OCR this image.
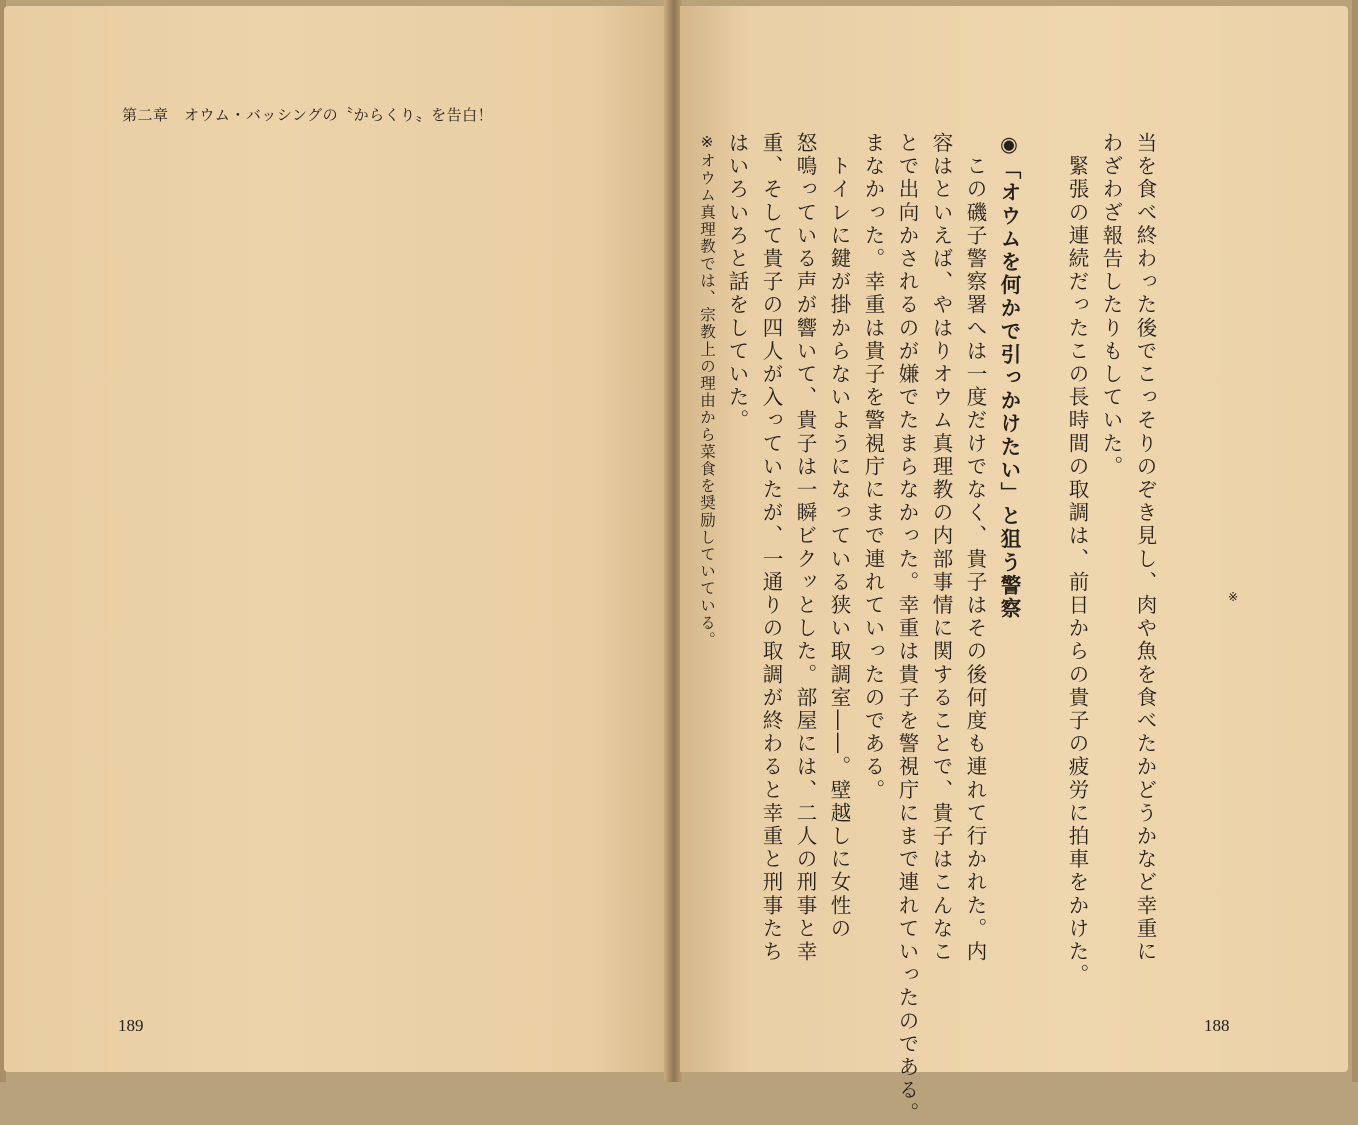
第二章　オウム・バッシングの〝からくり〟を告白！
189	188
当を食べ終わった後でこっそりのぞき見し、肉や魚を食べたかどうかなど幸重に
わざわざ報告したりもしていた。
　緊張の連続だったこの長時間の取調は、前日からの貴子の疲労に拍車をかけた。

◉「オウムを何かで引っかけたい」と狙う警察
　この磯子警察署へは一度だけでなく、貴子はその後何度も連れて行かれた。内
容はといえば、やはりオウム真理教の内部事情に関することで、貴子はこんなこ
とで出向かされるのが嫌でたまらなかった。幸重は貴子を警視庁にまで連れていったのである。
まなかった。幸重は貴子を警視庁にまで連れていったのである。
　トイレに鍵が掛からないようになっている狭い取調室――。壁越しに女性の
怒鳴っている声が響いて、貴子は一瞬ビクッとした。部屋には、二人の刑事と幸
重、そして貴子の四人が入っていたが、一通りの取調が終わると幸重と刑事たち
はいろいろと話をしていた。
※
※オウム真理教では、宗教上の理由から菜食を奨励していている。
